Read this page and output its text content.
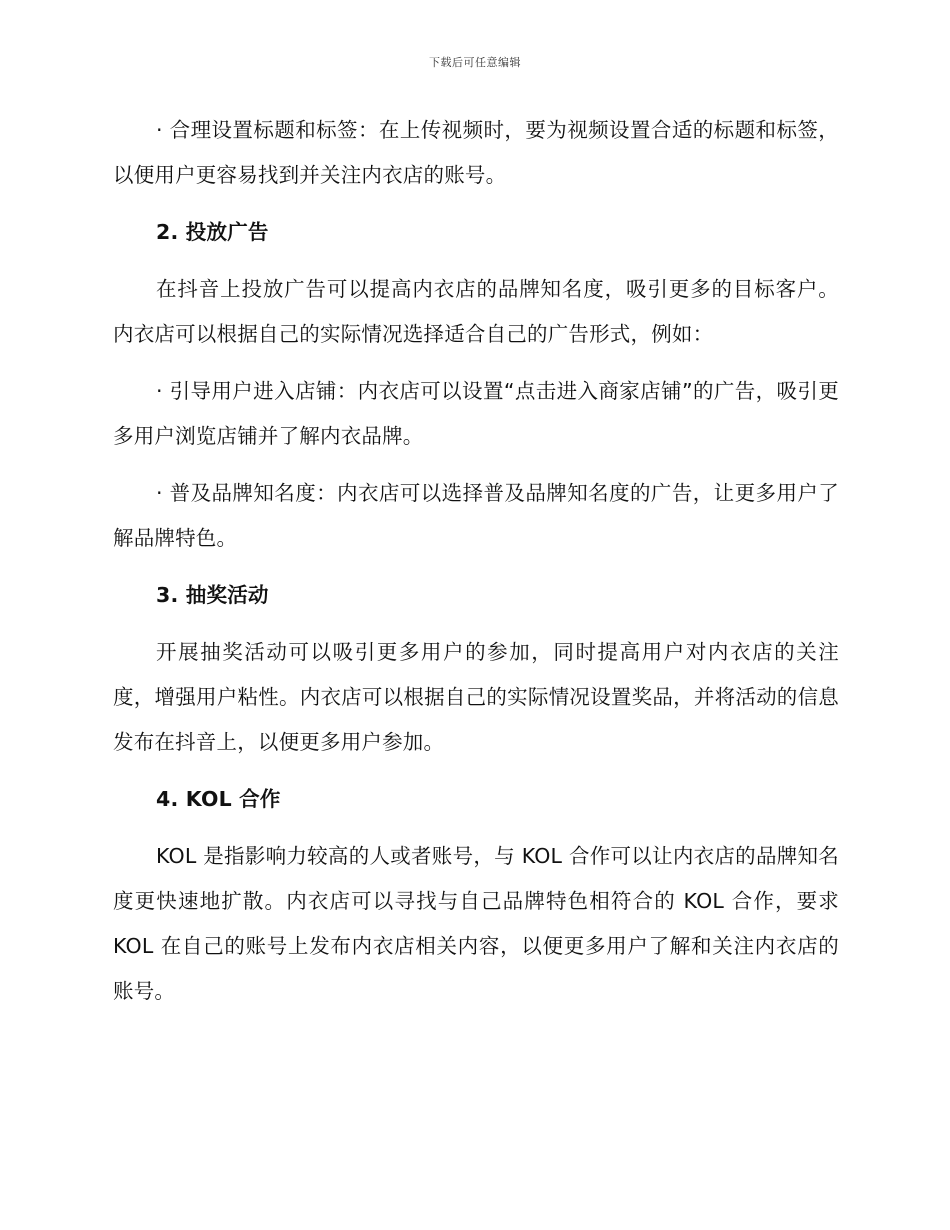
下载后可任意编辑

· 合理设置标题和标签：在上传视频时，要为视频设置合适的标题和标签，以便用户更容易找到并关注内衣店的账号。

2. 投放广告

在抖音上投放广告可以提高内衣店的品牌知名度，吸引更多的目标客户。内衣店可以根据自己的实际情况选择适合自己的广告形式，例如：

· 引导用户进入店铺：内衣店可以设置“点击进入商家店铺”的广告，吸引更多用户浏览店铺并了解内衣品牌。

· 普及品牌知名度：内衣店可以选择普及品牌知名度的广告，让更多用户了解品牌特色。

3. 抽奖活动

开展抽奖活动可以吸引更多用户的参加，同时提高用户对内衣店的关注度，增强用户粘性。内衣店可以根据自己的实际情况设置奖品，并将活动的信息发布在抖音上，以便更多用户参加。

4. KOL 合作

KOL 是指影响力较高的人或者账号，与 KOL 合作可以让内衣店的品牌知名度更快速地扩散。内衣店可以寻找与自己品牌特色相符合的 KOL 合作，要求 KOL 在自己的账号上发布内衣店相关内容，以便更多用户了解和关注内衣店的账号。
